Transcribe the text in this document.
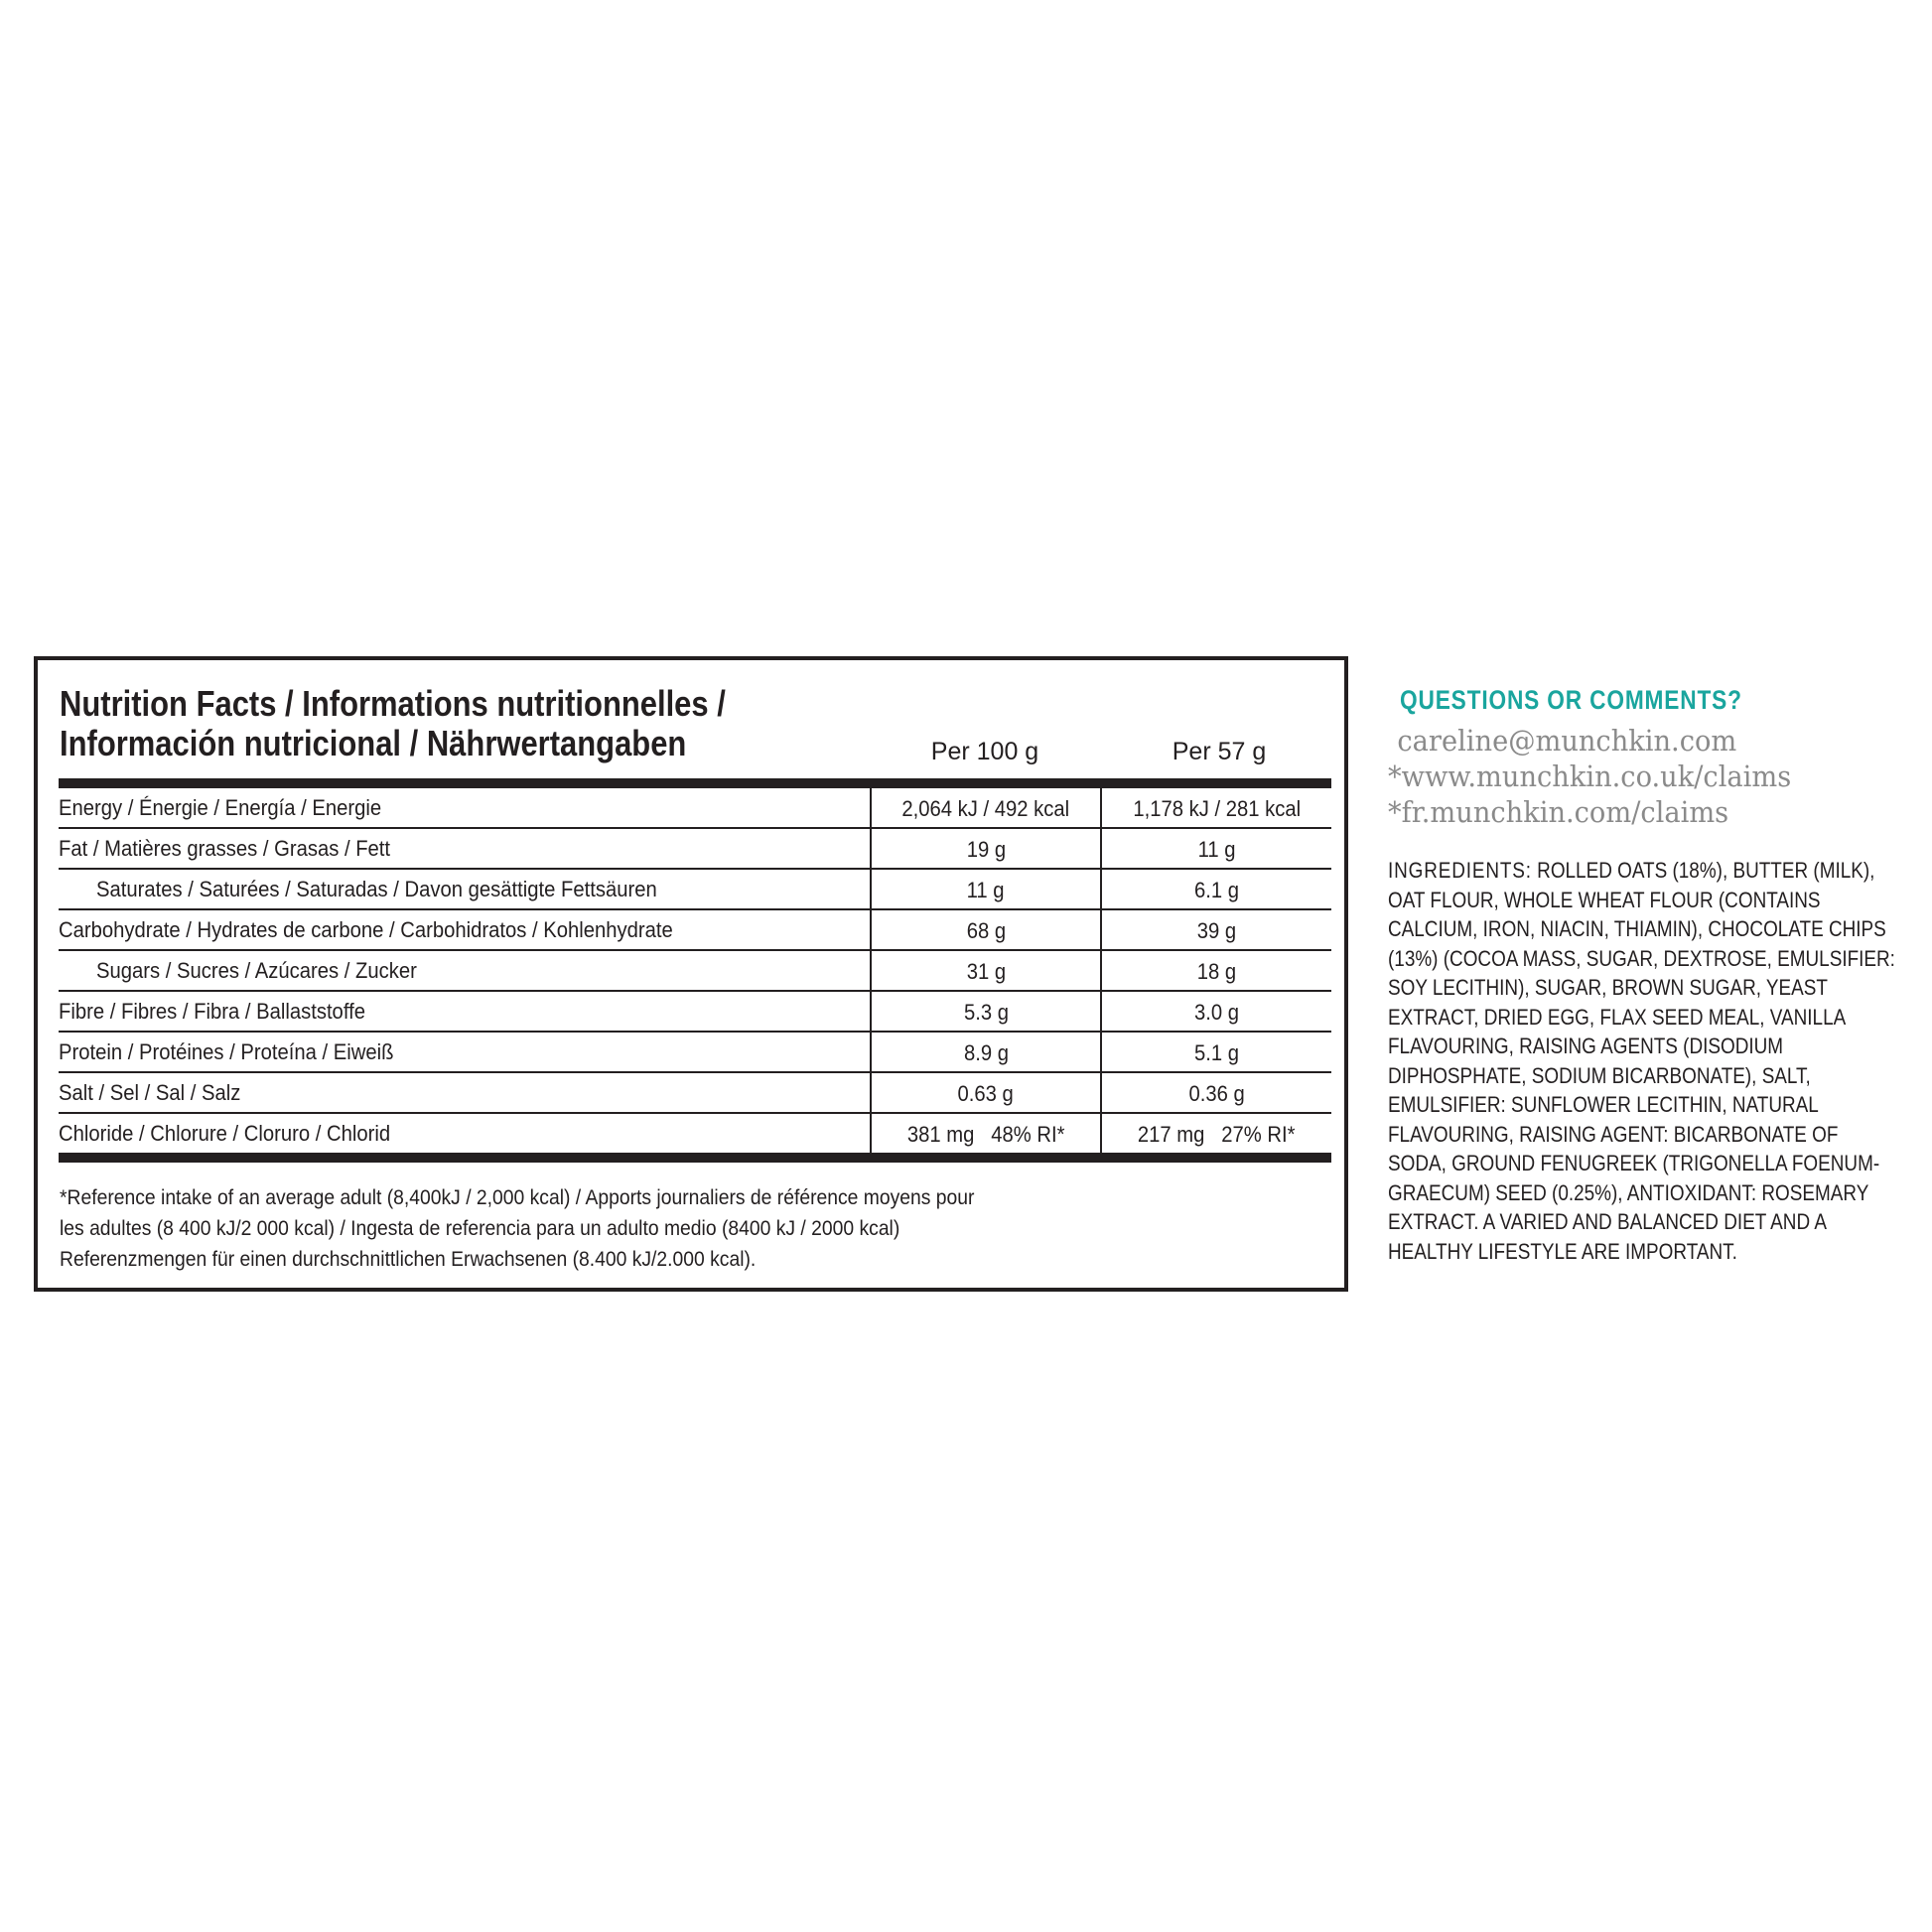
Nutrition Facts / Informations nutritionnelles /
Información nutricional / Nährwertangaben	Per 100 g	Per 57 g
Energy / Énergie / Energía / Energie	2,064 kJ / 492 kcal	1,178 kJ / 281 kcal
Fat / Matières grasses / Grasas / Fett	19 g	11 g
Saturates / Saturées / Saturadas / Davon gesättigte Fettsäuren	11 g	6.1 g
Carbohydrate / Hydrates de carbone / Carbohidratos / Kohlenhydrate	68 g	39 g
Sugars / Sucres / Azúcares / Zucker	31 g	18 g
Fibre / Fibres / Fibra / Ballaststoffe	5.3 g	3.0 g
Protein / Protéines / Proteína / Eiweiß	8.9 g	5.1 g
Salt / Sel / Sal / Salz	0.63 g	0.36 g
Chloride / Chlorure / Cloruro / Chlorid	381 mg   48% RI*	217 mg   27% RI*

*Reference intake of an average adult (8,400kJ / 2,000 kcal) / Apports journaliers de référence moyens pour
les adultes (8 400 kJ/2 000 kcal) / Ingesta de referencia para un adulto medio (8400 kJ / 2000 kcal)
Referenzmengen für einen durchschnittlichen Erwachsenen (8.400 kJ/2.000 kcal).

QUESTIONS OR COMMENTS?
careline@munchkin.com
*www.munchkin.co.uk/claims
*fr.munchkin.com/claims

INGREDIENTS: ROLLED OATS (18%), BUTTER (MILK), OAT FLOUR, WHOLE WHEAT FLOUR (CONTAINS CALCIUM, IRON, NIACIN, THIAMIN), CHOCOLATE CHIPS (13%) (COCOA MASS, SUGAR, DEXTROSE, EMULSIFIER: SOY LECITHIN), SUGAR, BROWN SUGAR, YEAST EXTRACT, DRIED EGG, FLAX SEED MEAL, VANILLA FLAVOURING, RAISING AGENTS (DISODIUM DIPHOSPHATE, SODIUM BICARBONATE), SALT, EMULSIFIER: SUNFLOWER LECITHIN, NATURAL FLAVOURING, RAISING AGENT: BICARBONATE OF SODA, GROUND FENUGREEK (TRIGONELLA FOENUM-GRAECUM) SEED (0.25%), ANTIOXIDANT: ROSEMARY EXTRACT. A VARIED AND BALANCED DIET AND A HEALTHY LIFESTYLE ARE IMPORTANT.
